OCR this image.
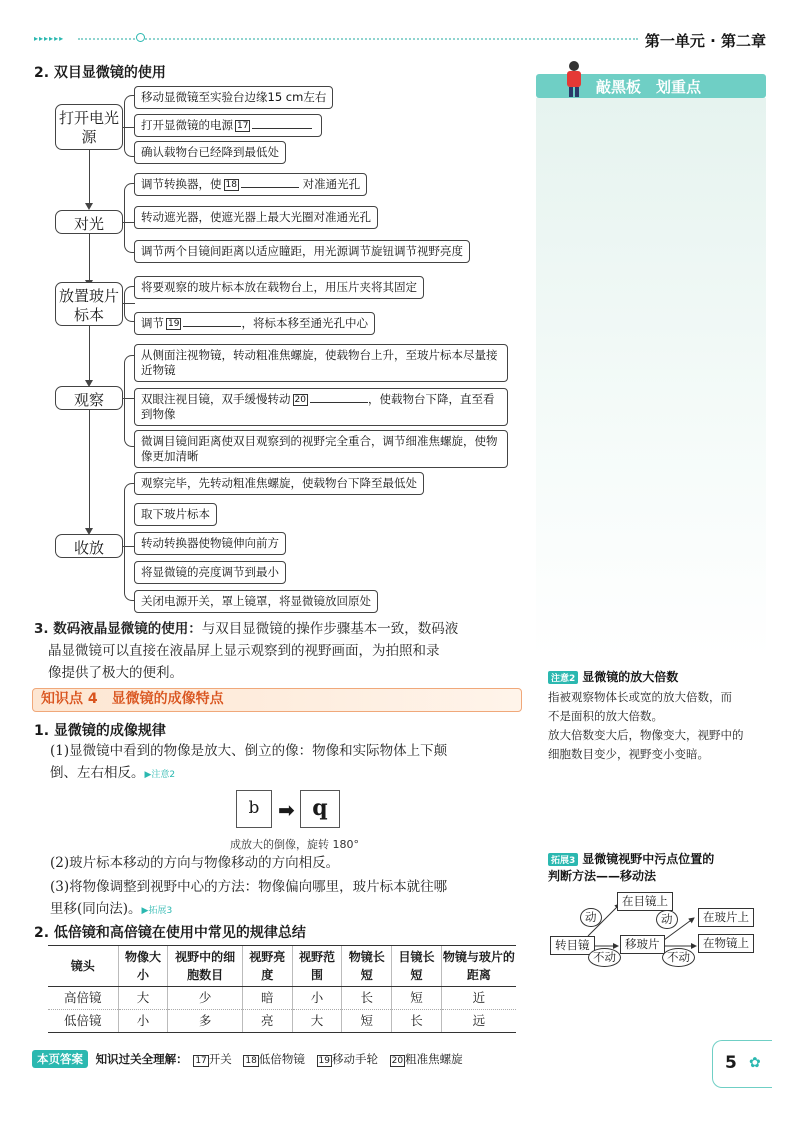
▸▸▸▸▸▸	第一单元 · 第二章
2. 双目显微镜的使用
打开电光源
移动显微镜至实验台边缘15 cm左右
打开显微镜的电源 17
确认载物台已经降到最低处
对光
调节转换器，使 18	对准通光孔
转动遮光器，使遮光器上最大光圈对准通光孔
调节两个目镜间距离以适应瞳距，用光源调节旋钮调节视野亮度
放置玻片标本
将要观察的玻片标本放在载物台上，用压片夹将其固定
调节 19	，将标本移至通光孔中心
观察
从侧面注视物镜，转动粗准焦螺旋，使载物台上升，至玻片标本尽量接近物镜
双眼注视目镜，双手缓慢转动 20	，使载物台下降，直至看到物像
微调目镜间距离使双目观察到的视野完全重合，调节细准焦螺旋，使物像更加清晰
收放
观察完毕，先转动粗准焦螺旋，使载物台下降至最低处
取下玻片标本
转动转换器使物镜伸向前方
将显微镜的亮度调节到最小
关闭电源开关，罩上镜罩，将显微镜放回原处
3. 数码液晶显微镜的使用：与双目显微镜的操作步骤基本一致，数码液
晶显微镜可以直接在液晶屏上显示观察到的视野画面，为拍照和录
像提供了极大的便利。
知识点 4　显微镜的成像特点
1. 显微镜的成像规律
(1)显微镜中看到的物像是放大、倒立的像：物像和实际物体上下颠
倒、左右相反。▶注意2
b ➡ q
成放大的倒像，旋转 180°
(2)玻片标本移动的方向与物像移动的方向相反。
(3)将物像调整到视野中心的方法：物像偏向哪里，玻片标本就往哪
里移(同向法)。▶拓展3
2. 低倍镜和高倍镜在使用中常见的规律总结
镜头	物像大小	视野中的细胞数目	视野亮度	视野范围	物镜长短	目镜长短	物镜与玻片的距离
高倍镜	大	少	暗	小	长	短	近
低倍镜	小	多	亮	大	短	长	远
本页答案 知识过关全理解： 17 开关 18 低倍物镜 19 移动手轮 20 粗准焦螺旋
敲黑板　划重点
注意2 显微镜的放大倍数
指被观察物体长或宽的放大倍数，而
不是面积的放大倍数。
放大倍数变大后，物像变大，视野中的
细胞数目变少，视野变小变暗。
拓展3 显微镜视野中污点位置的
判断方法——移动法
转目镜
在目镜上
动
不动
移玻片
动
不动
在玻片上
在物镜上
5 ✿
